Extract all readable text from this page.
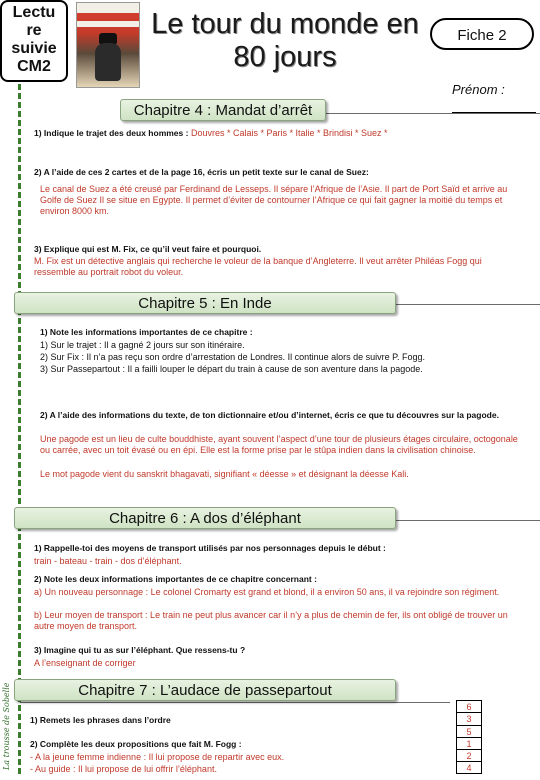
Lectu
re
suivie
CM2
Le tour du monde en
80 jours
Fiche 2
Prénom :
La trousse de Sobelle
Chapitre 4 : Mandat d’arrêt
1) Indique le trajet des deux hommes : Douvres * Calais * Paris * Italie * Brindisi * Suez *
2) A l’aide de ces 2 cartes et de la page 16, écris un petit texte sur le canal de Suez:
Le canal de Suez a été creusé par Ferdinand de Lesseps. Il sépare l’Afrique de l’Asie. Il part de Port Saïd et arrive au Golfe de Suez Il se situe en Egypte. Il permet d’éviter de contourner l’Afrique ce qui fait gagner la moitié du temps et environ 8000 km.
3) Explique qui est M. Fix, ce qu’il veut faire et pourquoi.
M. Fix est un détective anglais qui recherche le voleur de la banque d’Angleterre. Il veut arrêter Philéas Fogg qui ressemble au portrait robot du voleur.
Chapitre 5 : En Inde
1) Note les informations importantes de ce chapitre :
1) Sur le trajet : Il a gagné 2 jours sur son itinéraire.
2) Sur Fix : Il n’a pas reçu son ordre d’arrestation de Londres. Il continue alors de suivre P. Fogg.
3) Sur Passepartout : Il a failli louper le départ du train à cause de son aventure dans la pagode.
2) A l’aide des informations du texte, de ton dictionnaire et/ou d’internet, écris ce que tu découvres sur la pagode.
Une pagode est un lieu de culte bouddhiste, ayant souvent l’aspect d’une tour de plusieurs étages circulaire, octogonale ou carrée, avec un toit évasé ou en épi. Elle est la forme prise par le stûpa indien dans la civilisation chinoise.
Le mot pagode vient du sanskrit bhagavati, signifiant « déesse » et désignant la déesse Kali.
Chapitre 6 : A dos d’éléphant
1) Rappelle-toi des moyens de transport utilisés par nos personnages depuis le début :
train - bateau - train - dos d’éléphant.
2) Note les deux informations importantes de ce chapitre concernant :
a) Un nouveau personnage : Le colonel Cromarty est grand et blond, il a environ 50 ans, il va rejoindre son régiment.
b) Leur moyen de transport : Le train ne peut plus avancer car il n’y a plus de chemin de fer, ils ont obligé de trouver un autre moyen de transport.
3) Imagine qui tu as sur l’éléphant. Que ressens-tu ?
A l’enseignant de corriger
Chapitre 7 : L’audace de passepartout
1) Remets les phrases dans l’ordre
2) Complète les deux propositions que fait M. Fogg :
- A la jeune femme indienne : Il lui propose de repartir avec eux.
- Au guide : Il lui propose de lui offrir l’éléphant.
6
3
5
1
2
4
